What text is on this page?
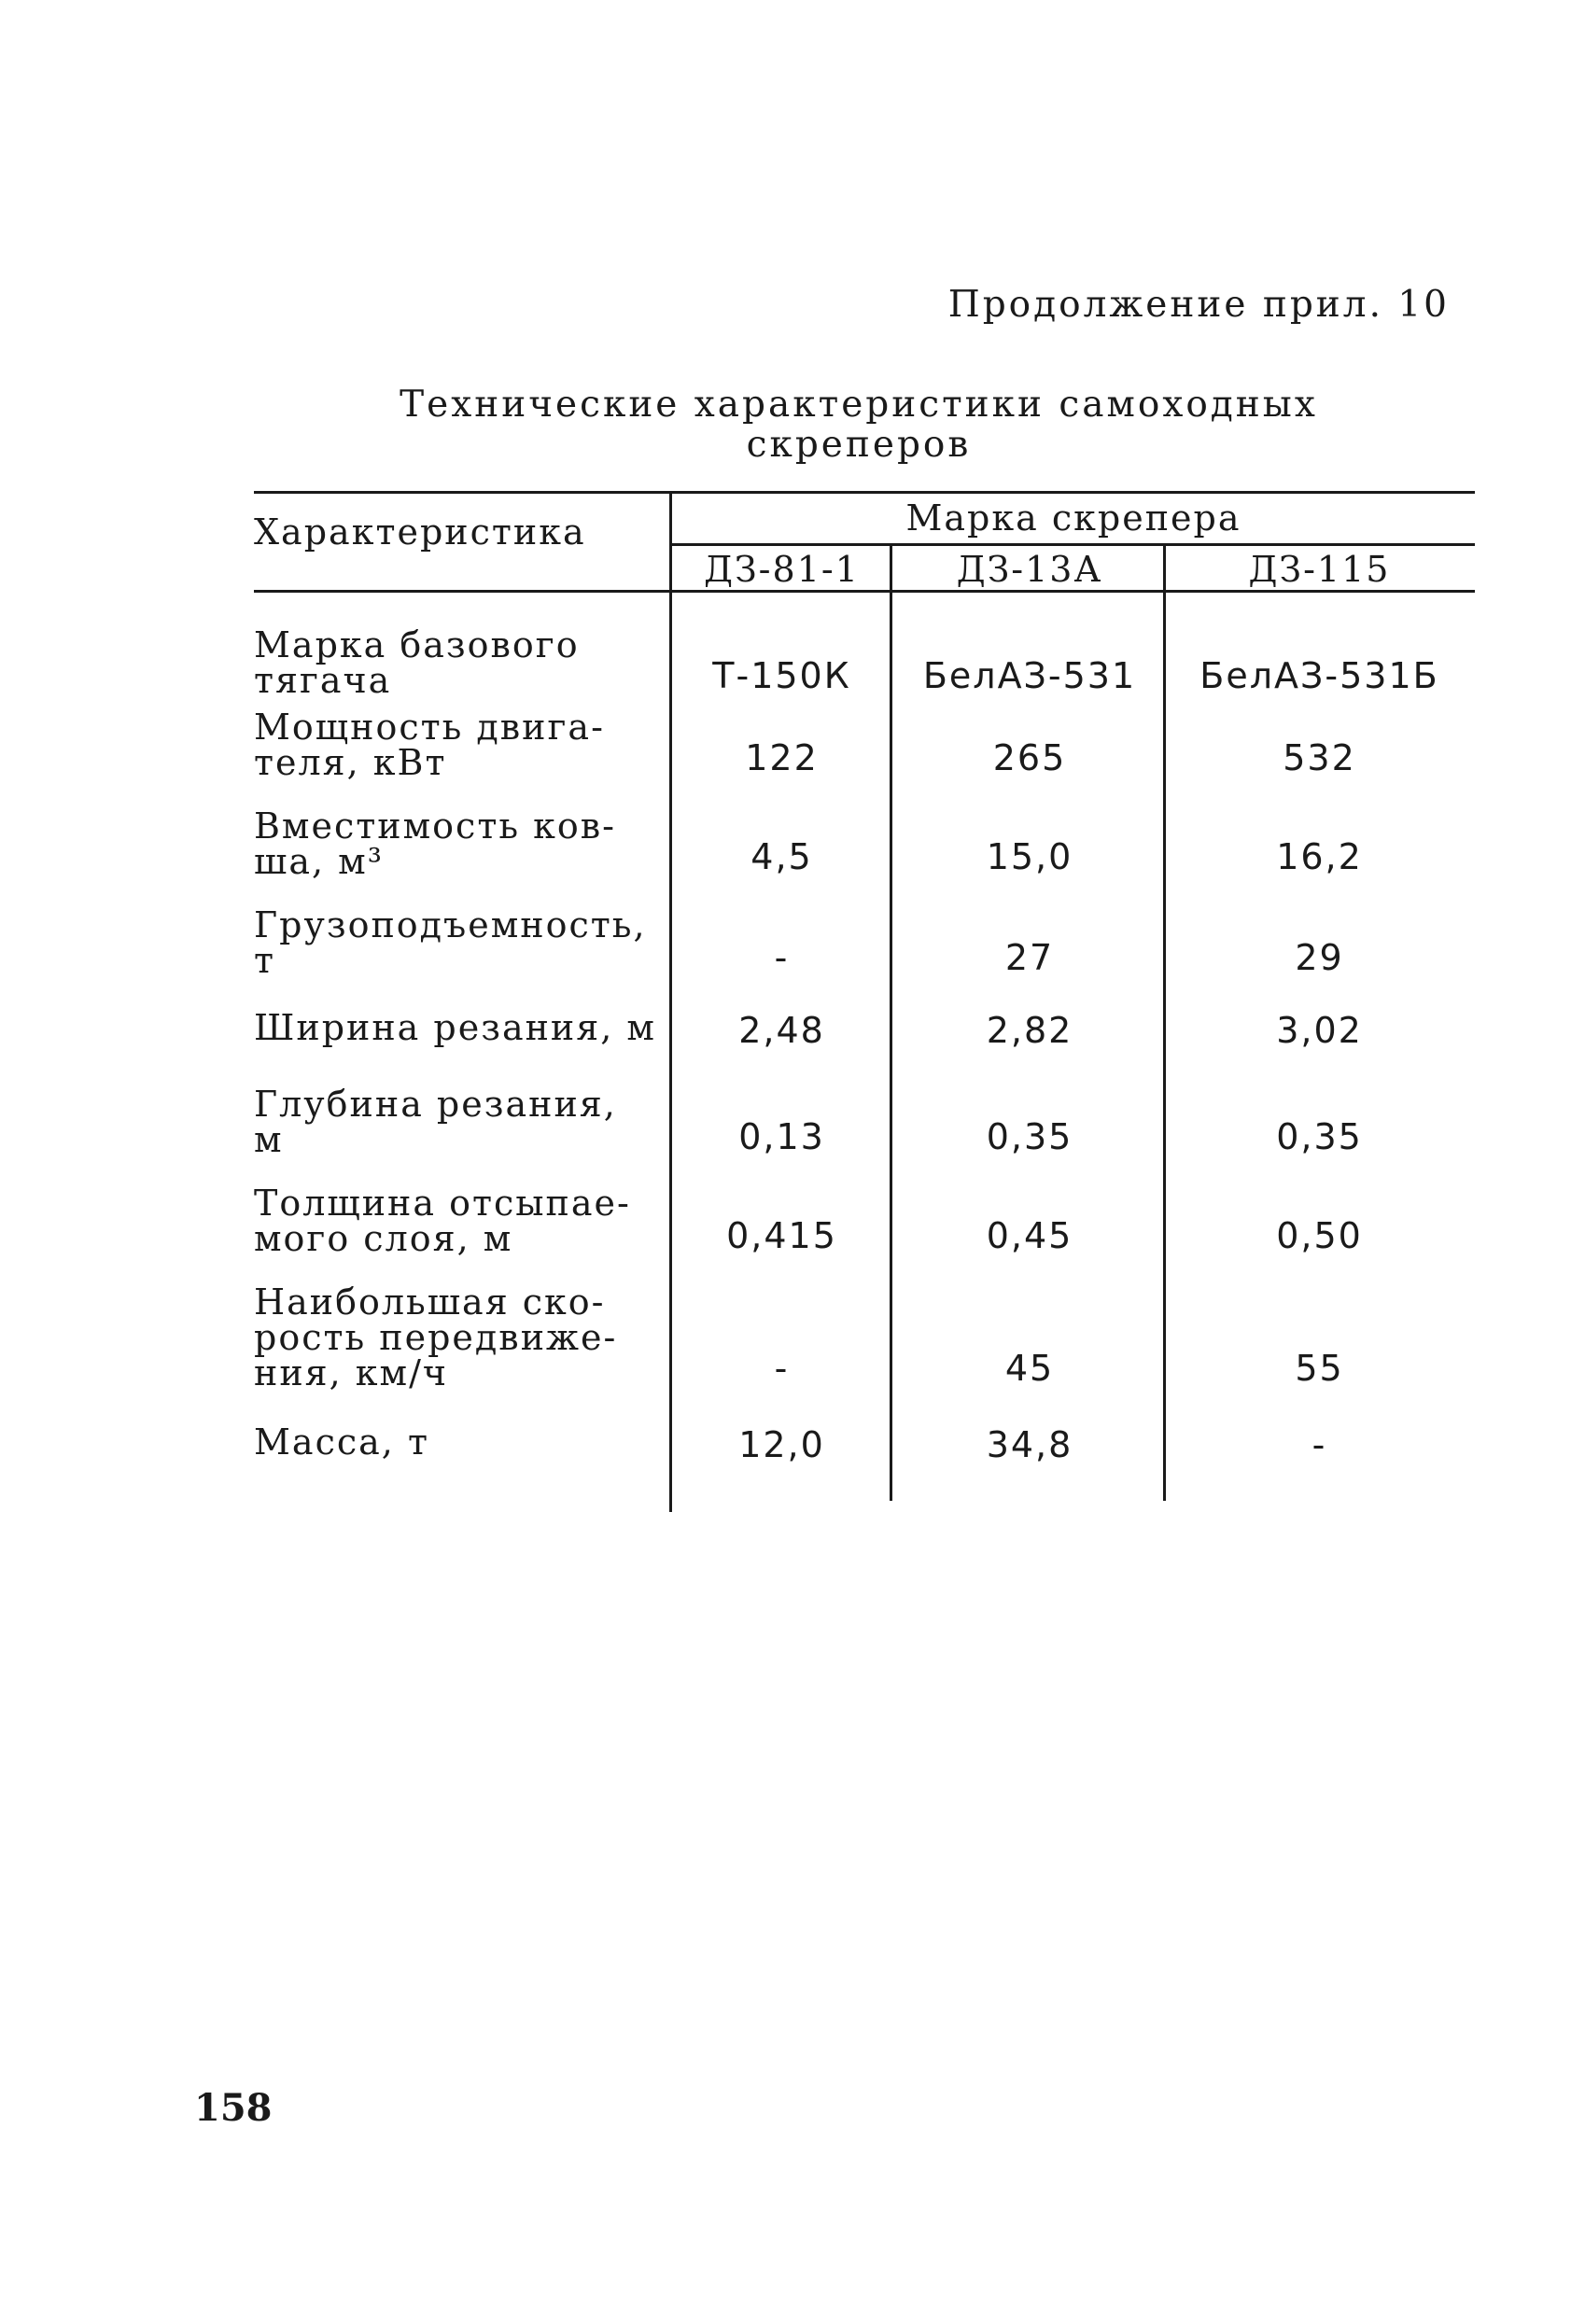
Продолжение прил. 10
Технические характеристики самоходных
скреперов
Характеристика	Марка скрепера
ДЗ-81-1	ДЗ-13А	ДЗ-115
Марка базового
тягача	Т-150К	БелАЗ-531	БелАЗ-531Б
Мощность двига-
теля, кВт	122	265	532
Вместимость ков-
ша, м³	4,5	15,0	16,2
Грузоподъемность,
т	-	27	29
Ширина резания, м	2,48	2,82	3,02
Глубина резания,
м	0,13	0,35	0,35
Толщина отсыпае-
мого слоя, м	0,415	0,45	0,50
Наибольшая ско-
рость передвиже-
ния, км/ч	-	45	55
Масса, т	12,0	34,8	-
158
